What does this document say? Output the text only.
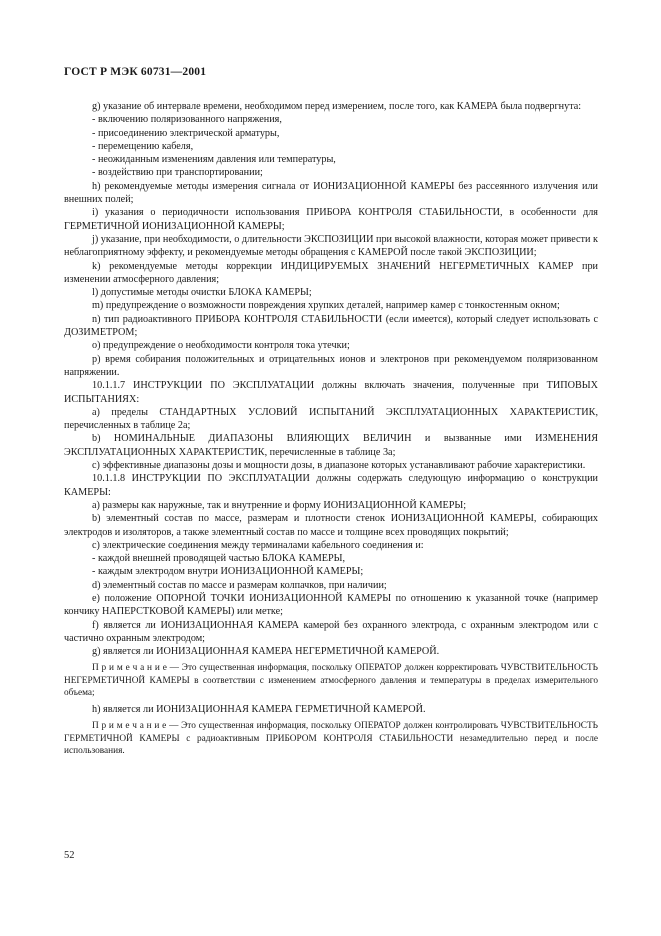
ГОСТ Р МЭК 60731—2001

g) указание об интервале времени, необходимом перед измерением, после того, как КАМЕРА была подвергнута:

- включению поляризованного напряжения,

- присоединению электрической арматуры,

- перемещению кабеля,

- неожиданным изменениям давления или температуры,

- воздействию при транспортировании;

h) рекомендуемые методы измерения сигнала от ИОНИЗАЦИОННОЙ КАМЕРЫ без рассеянного излучения или внешних полей;

i) указания о периодичности использования ПРИБОРА КОНТРОЛЯ СТАБИЛЬНОСТИ, в особенности для ГЕРМЕТИЧНОЙ ИОНИЗАЦИОННОЙ КАМЕРЫ;

j) указание, при необходимости, о длительности ЭКСПОЗИЦИИ при высокой влажности, которая может привести к неблагоприятному эффекту, и рекомендуемые методы обращения с КАМЕРОЙ после такой ЭКСПОЗИЦИИ;

k) рекомендуемые методы коррекции ИНДИЦИРУЕМЫХ ЗНАЧЕНИЙ НЕГЕРМЕТИЧНЫХ КАМЕР при изменении атмосферного давления;

l) допустимые методы очистки БЛОКА КАМЕРЫ;

m) предупреждение о возможности повреждения хрупких деталей, например камер с тонкостенным окном;

n) тип радиоактивного ПРИБОРА КОНТРОЛЯ СТАБИЛЬНОСТИ (если имеется), который следует использовать с ДОЗИМЕТРОМ;

o) предупреждение о необходимости контроля тока утечки;

p) время собирания положительных и отрицательных ионов и электронов при рекомендуемом поляризованном напряжении.

10.1.1.7 ИНСТРУКЦИИ ПО ЭКСПЛУАТАЦИИ должны включать значения, полученные при ТИПОВЫХ ИСПЫТАНИЯХ:

a) пределы СТАНДАРТНЫХ УСЛОВИЙ ИСПЫТАНИЙ ЭКСПЛУАТАЦИОННЫХ ХАРАКТЕРИСТИК, перечисленных в таблице 2а;

b) НОМИНАЛЬНЫЕ ДИАПАЗОНЫ ВЛИЯЮЩИХ ВЕЛИЧИН и вызванные ими ИЗМЕНЕНИЯ ЭКСПЛУАТАЦИОННЫХ ХАРАКТЕРИСТИК, перечисленные в таблице 3а;

c) эффективные диапазоны дозы и мощности дозы, в диапазоне которых устанавливают рабочие характеристики.

10.1.1.8 ИНСТРУКЦИИ ПО ЭКСПЛУАТАЦИИ должны содержать следующую информацию о конструкции КАМЕРЫ:

a) размеры как наружные, так и внутренние и форму ИОНИЗАЦИОННОЙ КАМЕРЫ;

b) элементный состав по массе, размерам и плотности стенок ИОНИЗАЦИОННОЙ КАМЕРЫ, собирающих электродов и изоляторов, а также элементный состав по массе и толщине всех проводящих покрытий;

c) электрические соединения между терминалами кабельного соединения и:

- каждой внешней проводящей частью БЛОКА КАМЕРЫ,

- каждым электродом внутри ИОНИЗАЦИОННОЙ КАМЕРЫ;

d) элементный состав по массе и размерам колпачков, при наличии;

e) положение ОПОРНОЙ ТОЧКИ ИОНИЗАЦИОННОЙ КАМЕРЫ по отношению к указанной точке (например кончику НАПЕРСТКОВОЙ КАМЕРЫ) или метке;

f) является ли ИОНИЗАЦИОННАЯ КАМЕРА камерой без охранного электрода, с охранным электродом или с частично охранным электродом;

g) является ли ИОНИЗАЦИОННАЯ КАМЕРА НЕГЕРМЕТИЧНОЙ КАМЕРОЙ.

П р и м е ч а н и е — Это существенная информация, поскольку ОПЕРАТОР должен корректировать ЧУВСТВИТЕЛЬНОСТЬ НЕГЕРМЕТИЧНОЙ КАМЕРЫ в соответствии с изменением атмосферного давления и температуры в пределах измерительного объема;

h) является ли ИОНИЗАЦИОННАЯ КАМЕРА ГЕРМЕТИЧНОЙ КАМЕРОЙ.

П р и м е ч а н и е — Это существенная информация, поскольку ОПЕРАТОР должен контролировать ЧУВСТВИТЕЛЬНОСТЬ ГЕРМЕТИЧНОЙ КАМЕРЫ с радиоактивным ПРИБОРОМ КОНТРОЛЯ СТАБИЛЬНОСТИ незамедлительно перед и после использования.

52
